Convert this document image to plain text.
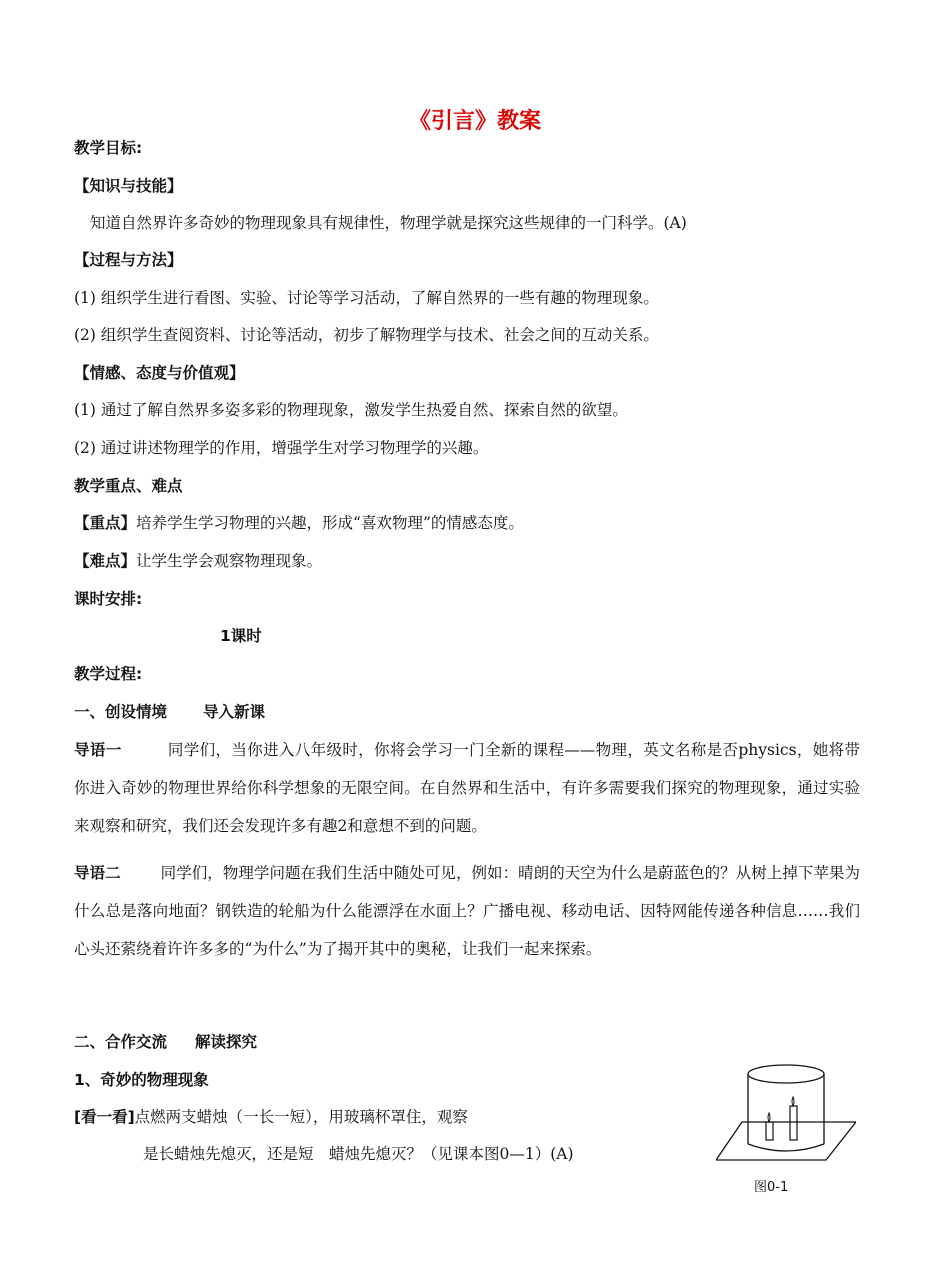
《引言》教案
教学目标:
【知识与技能】
知道自然界许多奇妙的物理现象具有规律性，物理学就是探究这些规律的一门科学。(A)
【过程与方法】
(1) 组织学生进行看图、实验、讨论等学习活动，了解自然界的一些有趣的物理现象。
(2) 组织学生查阅资料、讨论等活动，初步了解物理学与技术、社会之间的互动关系。
【情感、态度与价值观】
(1) 通过了解自然界多姿多彩的物理现象，激发学生热爱自然、探索自然的欲望。
(2) 通过讲述物理学的作用，增强学生对学习物理学的兴趣。
教学重点、难点
【重点】培养学生学习物理的兴趣，形成“喜欢物理”的情感态度。
【难点】让学生学会观察物理现象。
课时安排:
1课时
教学过程:
一、创设情境 导入新课
导语一	同学们，当你进入八年级时，你将会学习一门全新的课程——物理，英文名称是否physics，她将带你进入奇妙的物理世界给你科学想象的无限空间。在自然界和生活中，有许多需要我们探究的物理现象，通过实验来观察和研究，我们还会发现许多有趣2和意想不到的问题。
导语二	同学们，物理学问题在我们生活中随处可见，例如：晴朗的天空为什么是蔚蓝色的？从树上掉下苹果为什么总是落向地面？钢铁造的轮船为什么能漂浮在水面上？广播电视、移动电话、因特网能传递各种信息……我们心头还萦绕着许许多多的“为什么”为了揭开其中的奥秘，让我们一起来探索。
二、合作交流 解读探究
1、奇妙的物理现象
[看一看]点燃两支蜡烛（一长一短），用玻璃杯罩住，观察
是长蜡烛先熄灭，还是短　蜡烛先熄灭？（见课本图0—1）(A)
图0-1
